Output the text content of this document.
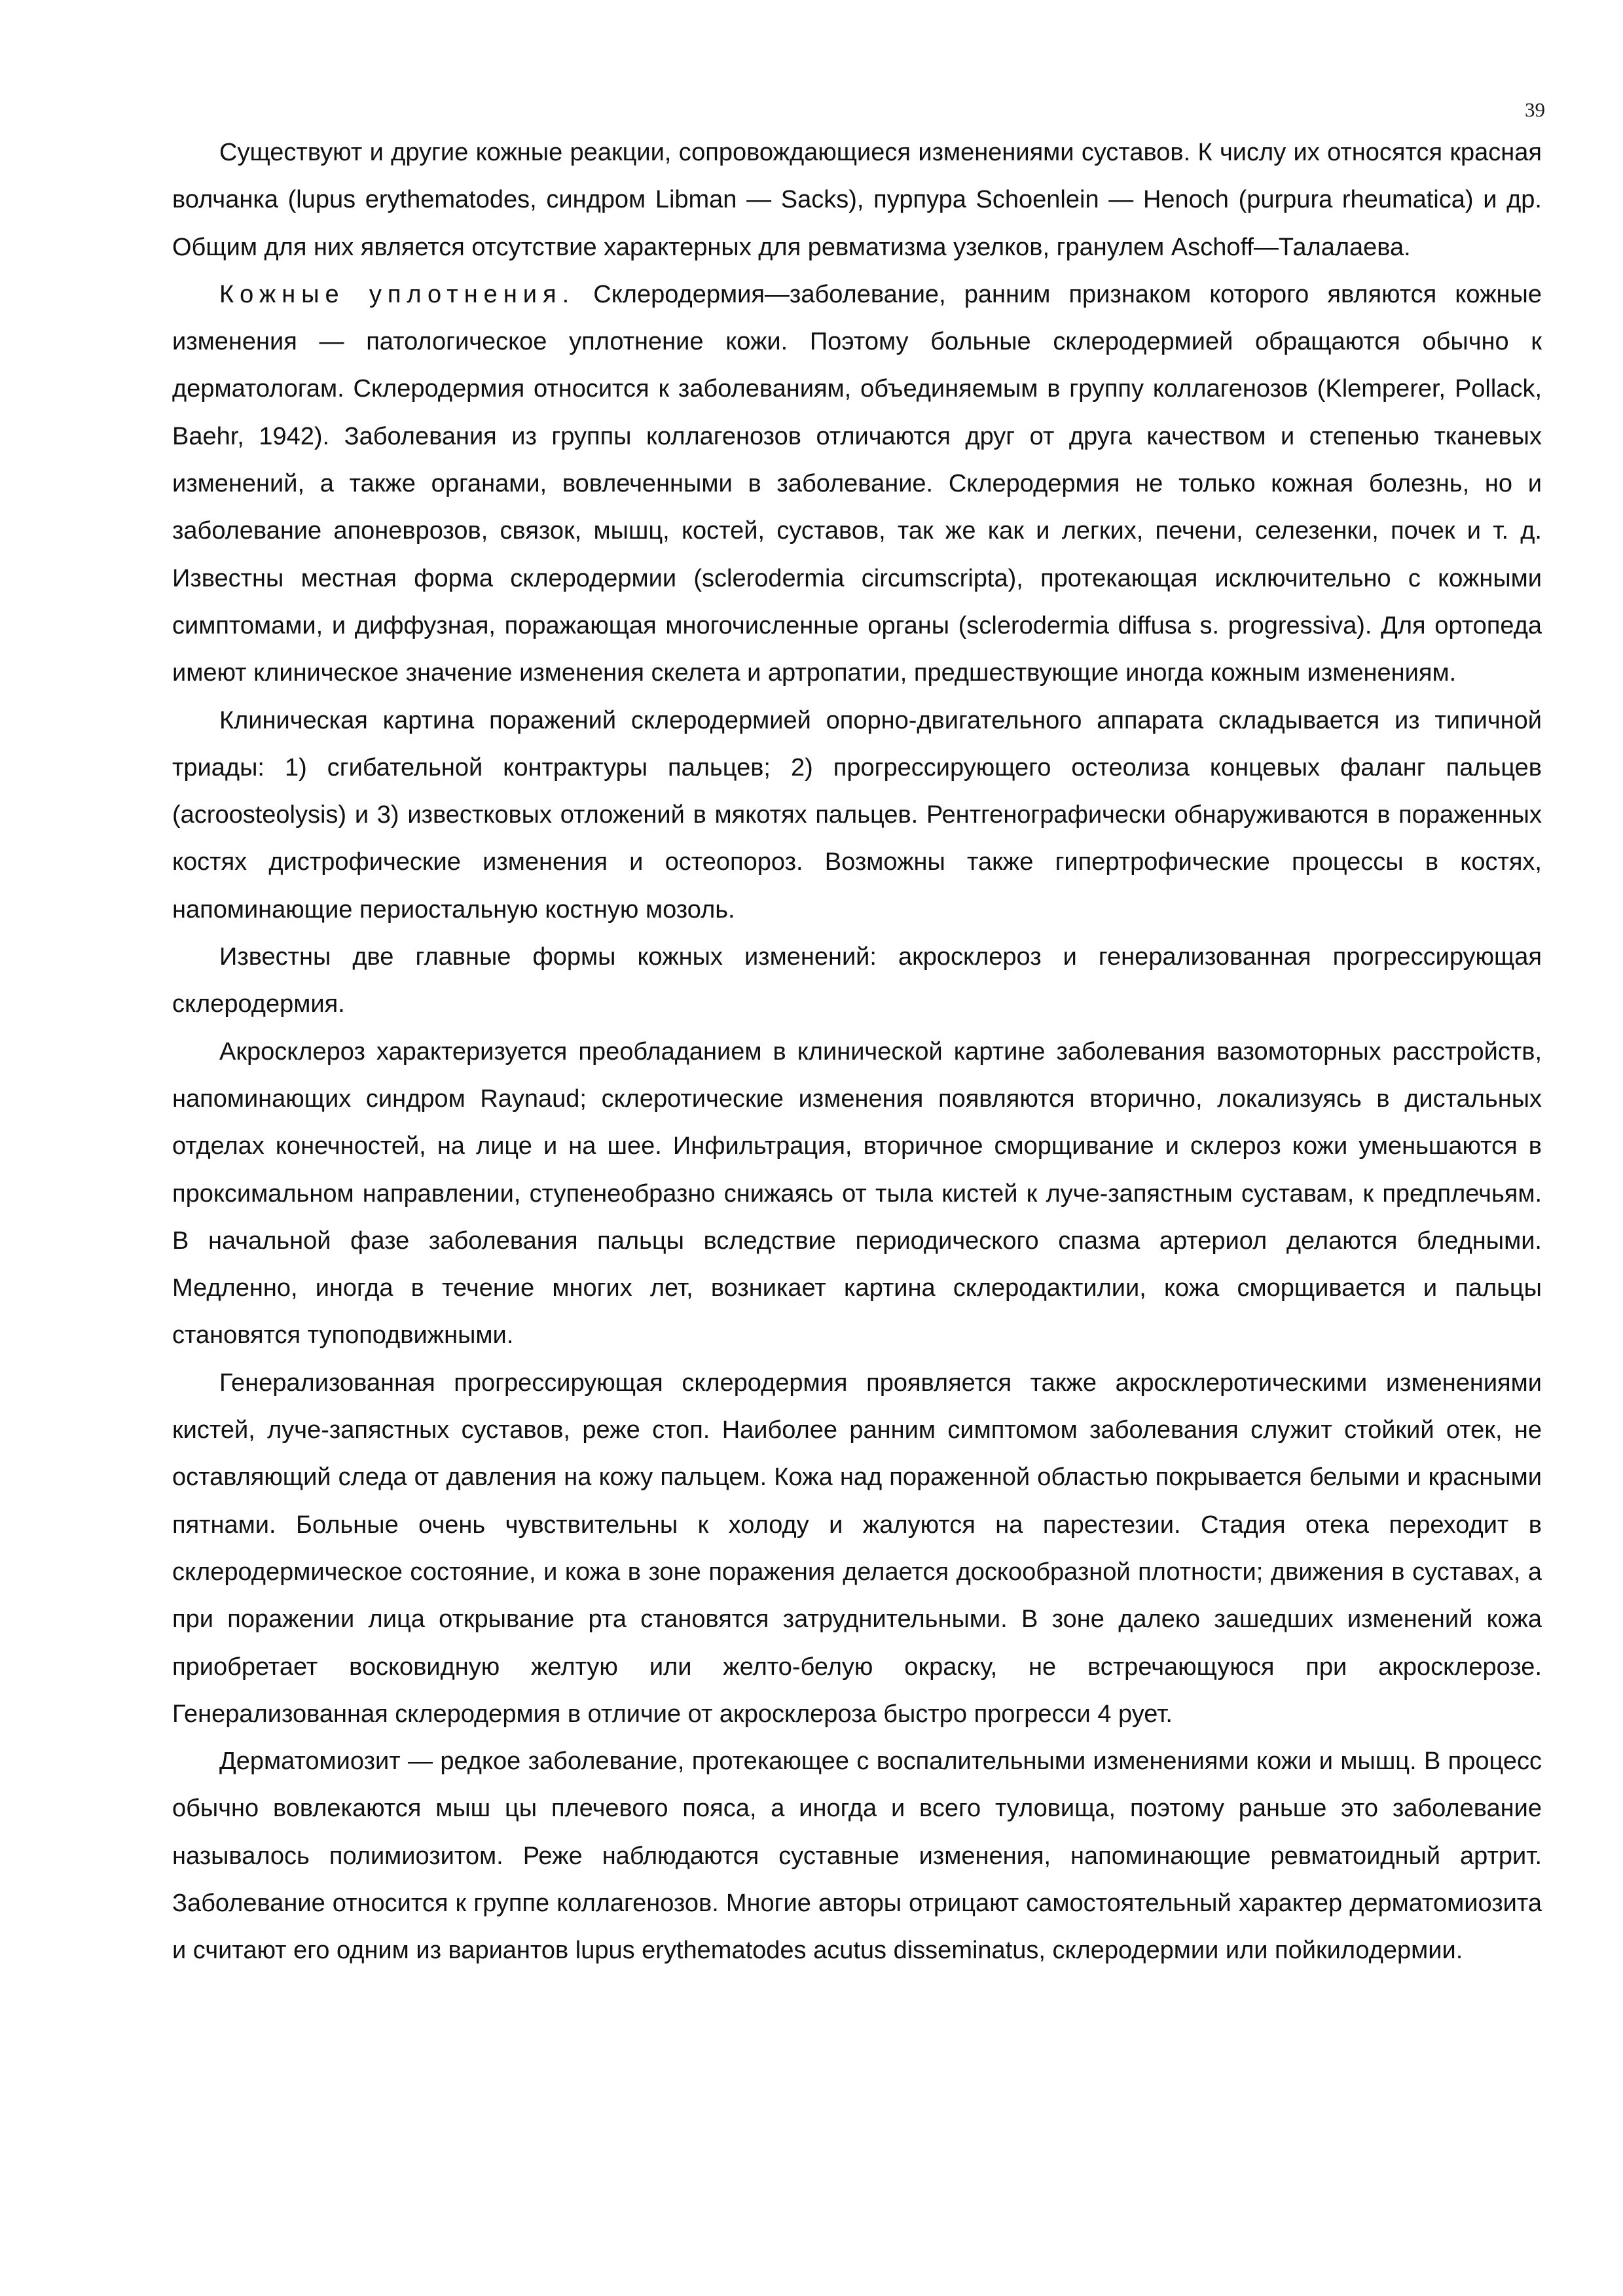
39

Существуют и другие кожные реакции, сопровождающиеся изменениями суставов. К числу их относятся красная волчанка (lupus erythematodes, синдром Libman — Sacks), пурпура Schoenlein — Henoch (purpura rheumatica) и др. Общим для них является отсутствие характерных для ревматизма узелков, гранулем Aschoff—Талалаева.

Кожные уплотнения. Склеродермия—заболевание, ранним признаком которого являются кожные изменения — патологическое уплотнение кожи. Поэтому больные склеродермией обращаются обычно к дерматологам. Склеродермия относится к заболеваниям, объединяемым в группу коллагенозов (Klemperer, Pollack, Baehr, 1942). Заболевания из группы коллагенозов отличаются друг от друга качеством и степенью тканевых изменений, а также органами, вовлеченными в заболевание. Склеродермия не только кожная болезнь, но и заболевание апоневрозов, связок, мышц, костей, суставов, так же как и легких, печени, селезенки, почек и т. д. Известны местная форма склеродермии (sclerodermia circumscripta), протекающая исключительно с кожными симптомами, и диффузная, поражающая многочисленные органы (sclerodermia diffusa s. progressiva). Для ортопеда имеют клиническое значение изменения скелета и артропатии, предшествующие иногда кожным изменениям.

Клиническая картина поражений склеродермией опорно-двигательного аппарата складывается из типичной триады: 1) сгибательной контрактуры пальцев; 2) прогрессирующего остеолиза концевых фаланг пальцев (acroosteolysis) и 3) известковых отложений в мякотях пальцев. Рентгенографически обнаруживаются в пораженных костях дистрофические изменения и остеопороз. Возможны также гипертрофические процессы в костях, напоминающие периостальную костную мозоль.

Известны две главные формы кожных изменений: акросклероз и генерализованная прогрессирующая склеродермия.

Акросклероз характеризуется преобладанием в клинической картине заболевания вазомоторных расстройств, напоминающих синдром Raynaud; склеротические изменения появляются вторично, локализуясь в дистальных отделах конечностей, на лице и на шее. Инфильтрация, вторичное сморщивание и склероз кожи уменьшаются в проксимальном направлении, ступенеобразно снижаясь от тыла кистей к луче-запястным суставам, к предплечьям. В начальной фазе заболевания пальцы вследствие периодического спазма артериол делаются бледными. Медленно, иногда в течение многих лет, возникает картина склеродактилии, кожа сморщивается и пальцы становятся тупоподвижными.

Генерализованная прогрессирующая склеродермия проявляется также акросклеротическими изменениями кистей, луче-запястных суставов, реже стоп. Наиболее ранним симптомом заболевания служит стойкий отек, не оставляющий следа от давления на кожу пальцем. Кожа над пораженной областью покрывается белыми и красными пятнами. Больные очень чувствительны к холоду и жалуются на парестезии. Стадия отека переходит в склеродермическое состояние, и кожа в зоне поражения делается доскообразной плотности; движения в суставах, а при поражении лица открывание рта становятся затруднительными. В зоне далеко зашедших изменений кожа приобретает восковидную желтую или желто-белую окраску, не встречающуюся при акросклерозе. Генерализованная склеродермия в отличие от акросклероза быстро прогресси 4 рует.

Дерматомиозит — редкое заболевание, протекающее с воспалительными изменениями кожи и мышц. В процесс обычно вовлекаются мыш цы плечевого пояса, а иногда и всего туловища, поэтому раньше это заболевание называлось полимиозитом. Реже наблюдаются суставные изменения, напоминающие ревматоидный артрит. Заболевание относится к группе коллагенозов. Многие авторы отрицают самостоятельный характер дерматомиозита и считают его одним из вариантов lupus erythematodes acutus disseminatus, склеродермии или пойкилодермии.
